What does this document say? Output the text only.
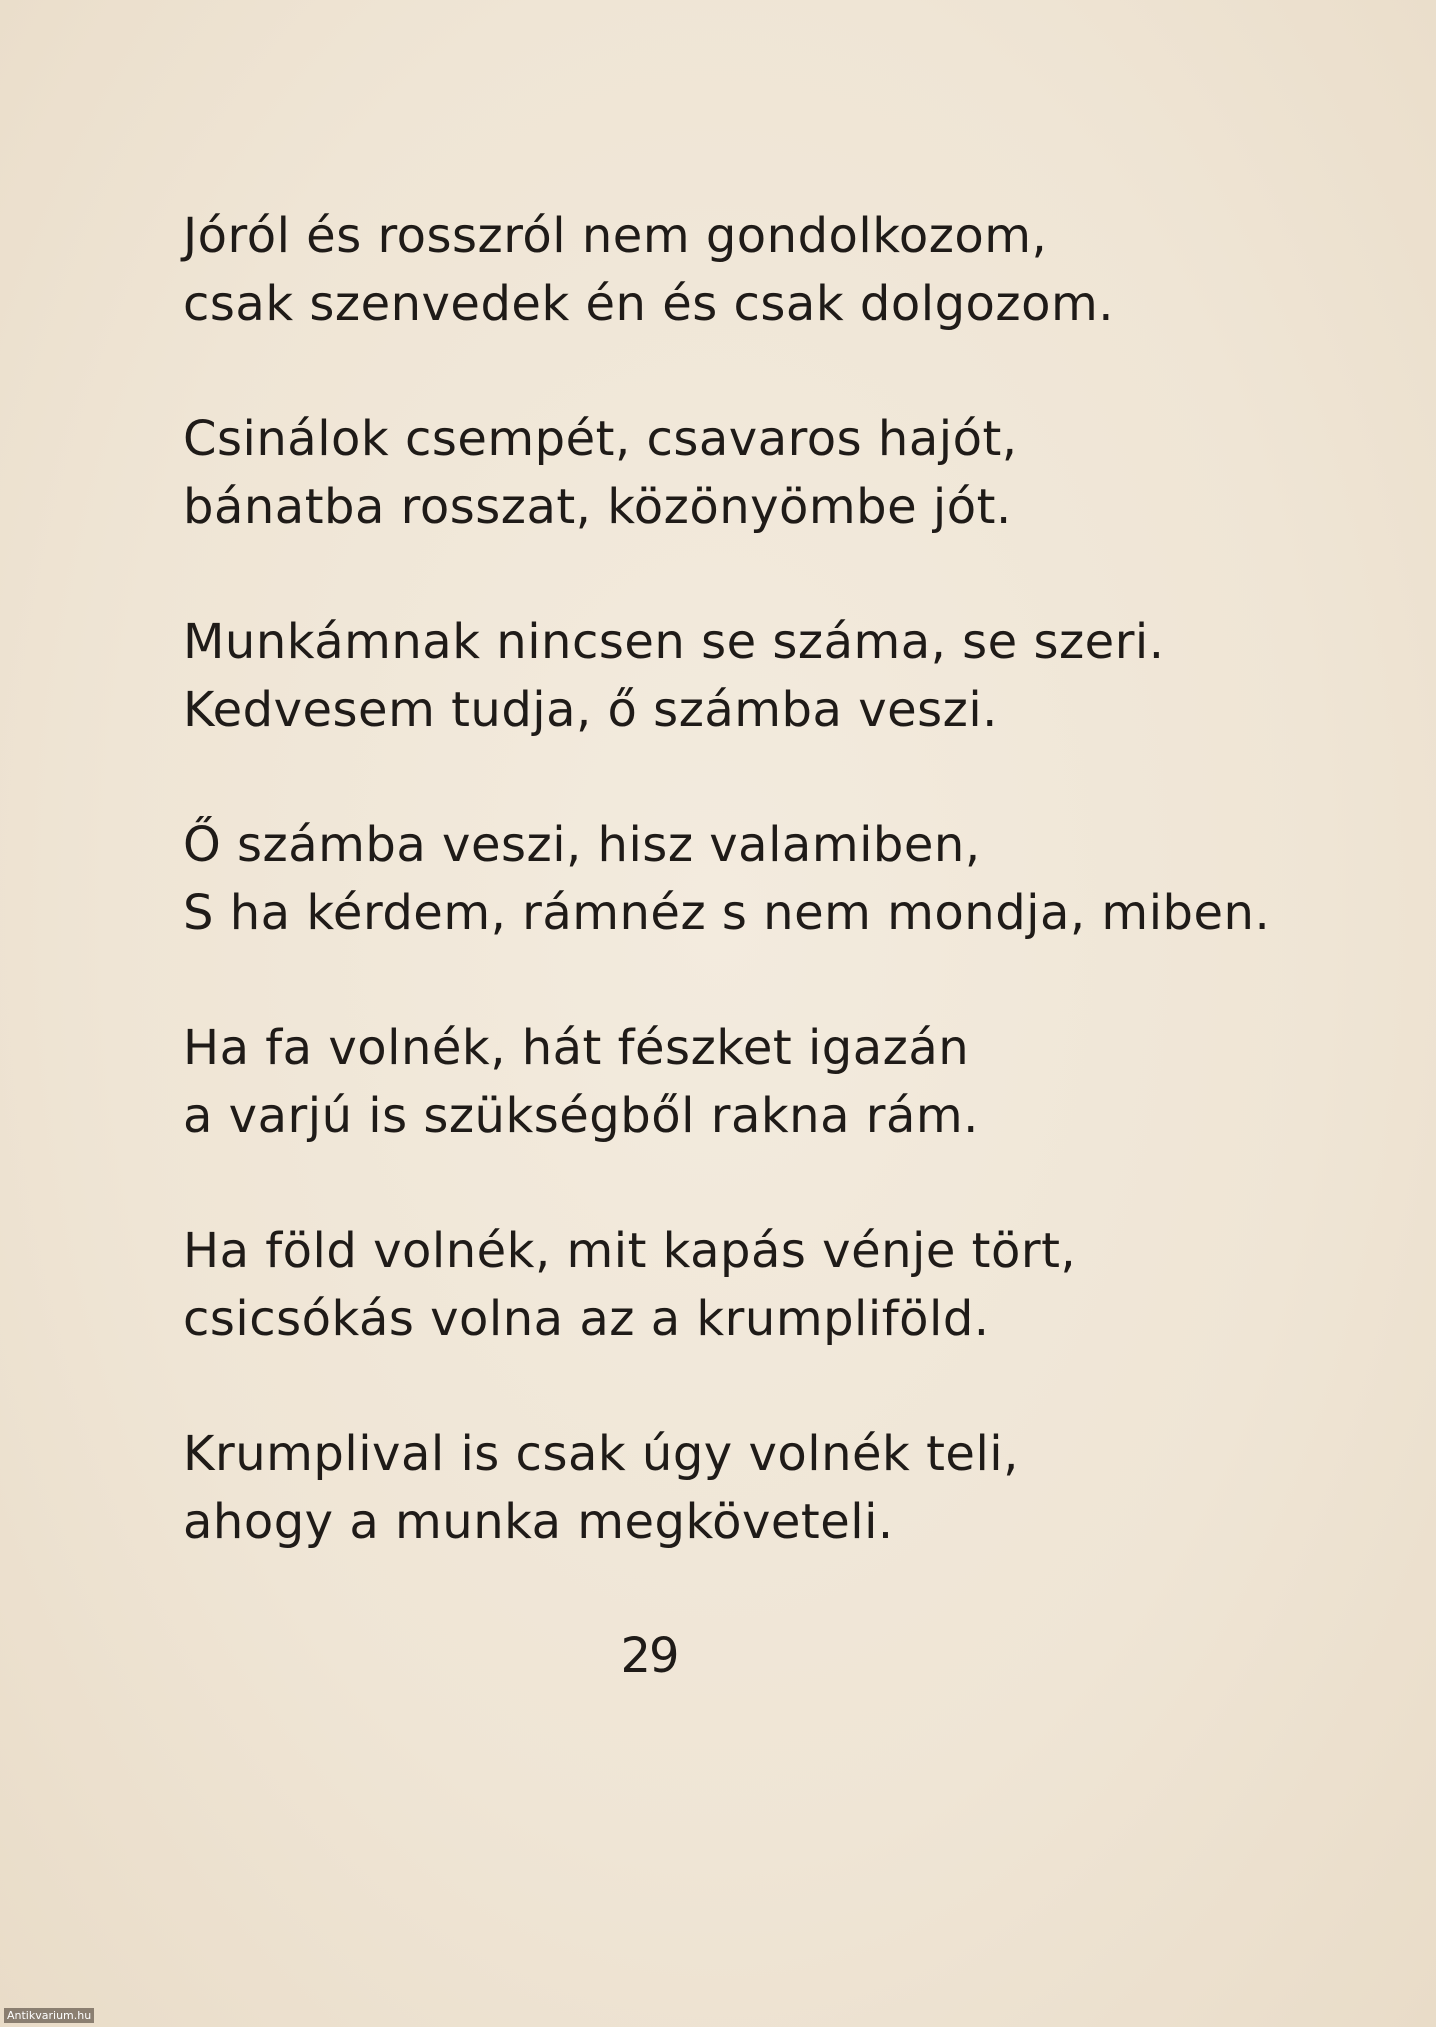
Jóról és rosszról nem gondolkozom,
csak szenvedek én és csak dolgozom.
Csinálok csempét, csavaros hajót,
bánatba rosszat, közönyömbe jót.
Munkámnak nincsen se száma, se szeri.
Kedvesem tudja, ő számba veszi.
Ő számba veszi, hisz valamiben,
S ha kérdem, rámnéz s nem mondja, miben.
Ha fa volnék, hát fészket igazán
a varjú is szükségből rakna rám.
Ha föld volnék, mit kapás vénje tört,
csicsókás volna az a krumpliföld.
Krumplival is csak úgy volnék teli,
ahogy a munka megköveteli.
29
Antikvarium.hu
